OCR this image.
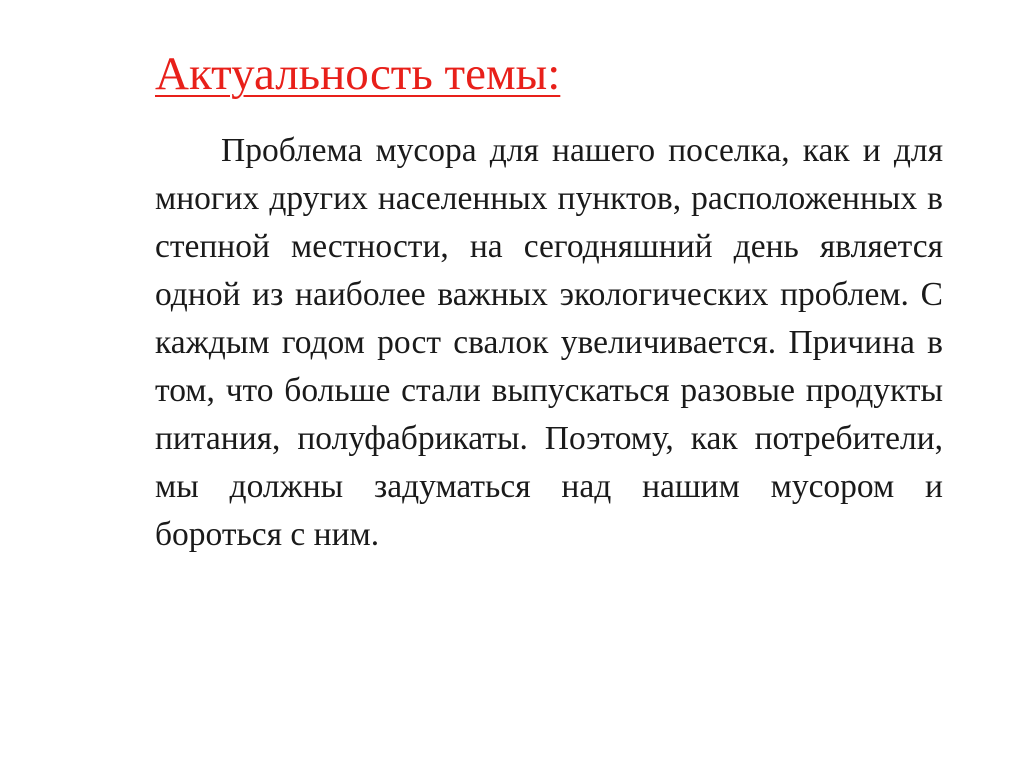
Актуальность темы:

Проблема мусора для нашего поселка, как и для многих других населенных пунктов, расположенных в степной местности, на сегодняшний день является одной из наиболее важных экологических проблем. С каждым годом рост свалок увеличивается. Причина в том, что больше стали выпускаться разовые продукты питания, полуфабрикаты. Поэтому, как потребители, мы должны задуматься над нашим мусором и бороться с ним.
